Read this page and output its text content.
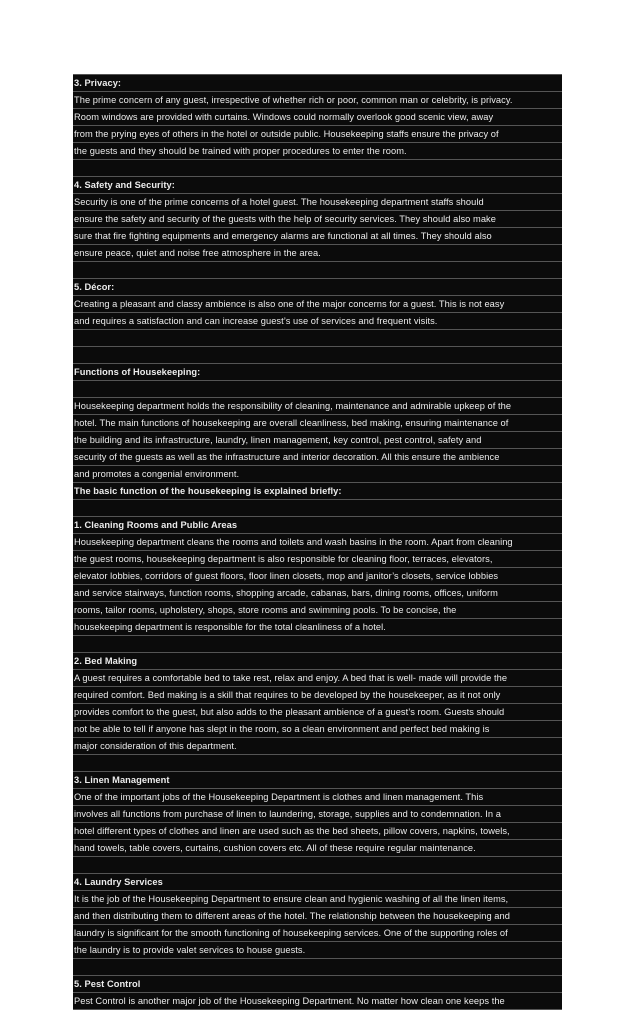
3. Privacy:
The prime concern of any guest, irrespective of whether rich or poor, common man or celebrity, is privacy.
Room windows are provided with curtains. Windows could normally overlook good scenic view, away
from the prying eyes of others in the hotel or outside public. Housekeeping staffs ensure the privacy of
the guests and they should be trained with proper procedures to enter the room.
4. Safety and Security:
Security is one of the prime concerns of a hotel guest. The housekeeping department staffs should
ensure the safety and security of the guests with the help of security services. They should also make
sure that fire fighting equipments and emergency alarms are functional at all times. They should also
ensure peace, quiet and noise free atmosphere in the area.
5. Décor:
Creating a pleasant and classy ambience is also one of the major concerns for a guest. This is not easy
and requires a satisfaction and can increase guest’s use of services and frequent visits.
Functions of Housekeeping:
Housekeeping department holds the responsibility of cleaning, maintenance and admirable upkeep of the
hotel. The main functions of housekeeping are overall cleanliness, bed making, ensuring maintenance of
the building and its infrastructure, laundry, linen management, key control, pest control, safety and
security of the guests as well as the infrastructure and interior decoration. All this ensure the ambience
and promotes a congenial environment.
The basic function of the housekeeping is explained briefly:
1. Cleaning Rooms and Public Areas
Housekeeping department cleans the rooms and toilets and wash basins in the room. Apart from cleaning
the guest rooms, housekeeping department is also responsible for cleaning floor, terraces, elevators,
elevator lobbies, corridors of guest floors, floor linen closets, mop and janitor’s closets, service lobbies
and service stairways, function rooms, shopping arcade, cabanas, bars, dining rooms, offices, uniform
rooms, tailor rooms, upholstery, shops, store rooms and swimming pools. To be concise, the
housekeeping department is responsible for the total cleanliness of a hotel.
2. Bed Making
A guest requires a comfortable bed to take rest, relax and enjoy. A bed that is well- made will provide the
required comfort. Bed making is a skill that requires to be developed by the housekeeper, as it not only
provides comfort to the guest, but also adds to the pleasant ambience of a guest’s room. Guests should
not be able to tell if anyone has slept in the room, so a clean environment and perfect bed making is
major consideration of this department.
3. Linen Management
One of the important jobs of the Housekeeping Department is clothes and linen management. This
involves all functions from purchase of linen to laundering, storage, supplies and to condemnation. In a
hotel different types of clothes and linen are used such as the bed sheets, pillow covers, napkins, towels,
hand towels, table covers, curtains, cushion covers etc. All of these require regular maintenance.
4. Laundry Services
It is the job of the Housekeeping Department to ensure clean and hygienic washing of all the linen items,
and then distributing them to different areas of the hotel. The relationship between the housekeeping and
laundry is significant for the smooth functioning of housekeeping services. One of the supporting roles of
the laundry is to provide valet services to house guests.
5. Pest Control
Pest Control is another major job of the Housekeeping Department. No matter how clean one keeps the
